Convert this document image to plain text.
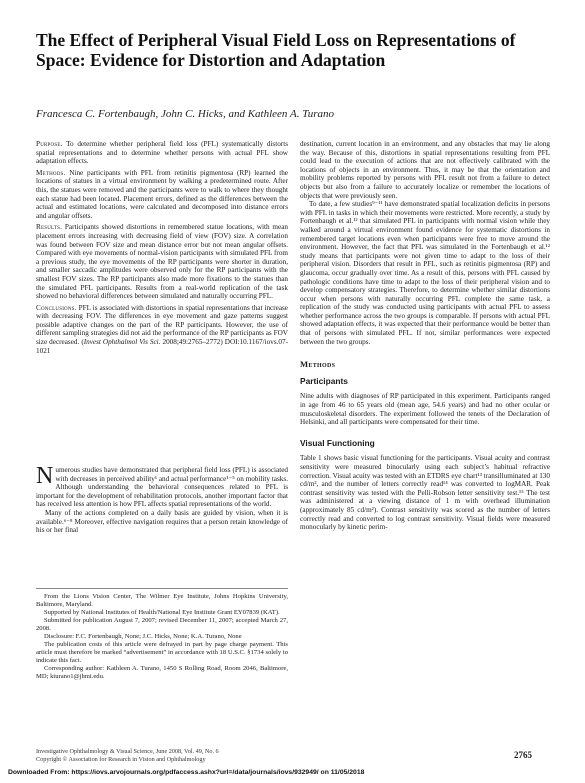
The Effect of Peripheral Visual Field Loss on Representations of Space: Evidence for Distortion and Adaptation
Francesca C. Fortenbaugh, John C. Hicks, and Kathleen A. Turano

Purpose. To determine whether peripheral field loss (PFL) systematically distorts spatial representations and to determine whether persons with actual PFL show adaptation effects.

Methods. Nine participants with PFL from retinitis pigmentosa (RP) learned the locations of statues in a virtual environment by walking a predetermined route. After this, the statues were removed and the participants were to walk to where they thought each statue had been located. Placement errors, defined as the differences between the actual and estimated locations, were calculated and decomposed into distance errors and angular offsets.

Results. Participants showed distortions in remembered statue locations, with mean placement errors increasing with decreasing field of view (FOV) size. A correlation was found between FOV size and mean distance error but not mean angular offsets. Compared with eye movements of normal-vision participants with simulated PFL from a previous study, the eye movements of the RP participants were shorter in duration, and smaller saccadic amplitudes were observed only for the RP participants with the smallest FOV sizes. The RP participants also made more fixations to the statues than the simulated PFL participants. Results from a real-world replication of the task showed no behavioral differences between simulated and naturally occurring PFL.

Conclusions. PFL is associated with distortions in spatial representations that increase with decreasing FOV. The differences in eye movement and gaze patterns suggest possible adaptive changes on the part of the RP participants. However, the use of different sampling strategies did not aid the performance of the RP participants as FOV size decreased. (Invest Ophthalmol Vis Sci. 2008;49:2765–2772) DOI:10.1167/iovs.07-1021

Numerous studies have demonstrated that peripheral field loss (PFL) is associated with decreases in perceived ability¹ and actual performance¹⁻⁵ on mobility tasks. Although understanding the behavioral consequences related to PFL is important for the development of rehabilitation protocols, another important factor that has received less attention is how PFL affects spatial representations of the world.

Many of the actions completed on a daily basis are guided by vision, when it is available.⁶⁻⁸ Moreover, effective navigation requires that a person retain knowledge of his or her final

From the Lions Vision Center, The Wilmer Eye Institute, Johns Hopkins University, Baltimore, Maryland.

Supported by National Institutes of Health/National Eye Institute Grant EY07839 (KAT).

Submitted for publication August 7, 2007; revised December 11, 2007; accepted March 27, 2008.

Disclosure: F.C. Fortenbaugh, None; J.C. Hicks, None; K.A. Turano, None

The publication costs of this article were defrayed in part by page charge payment. This article must therefore be marked “advertisement” in accordance with 18 U.S.C. §1734 solely to indicate this fact.

Corresponding author: Kathleen A. Turano, 1450 S Rolling Road, Room 2046, Baltimore, MD; kturano1@jhmi.edu.

destination, current location in an environment, and any obstacles that may lie along the way. Because of this, distortions in spatial representations resulting from PFL could lead to the execution of actions that are not effectively calibrated with the locations of objects in an environment. Thus, it may be that the orientation and mobility problems reported by persons with PFL result not from a failure to detect objects but also from a failure to accurately localize or remember the locations of objects that were previously seen.

To date, a few studies⁹⁻¹¹ have demonstrated spatial localization deficits in persons with PFL in tasks in which their movements were restricted. More recently, a study by Fortenbaugh et al.¹² that simulated PFL in participants with normal vision while they walked around a virtual environment found evidence for systematic distortions in remembered target locations even when participants were free to move around the environment. However, the fact that PFL was simulated in the Fortenbaugh et al.¹² study means that participants were not given time to adapt to the loss of their peripheral vision. Disorders that result in PFL, such as retinitis pigmentosa (RP) and glaucoma, occur gradually over time. As a result of this, persons with PFL caused by pathologic conditions have time to adapt to the loss of their peripheral vision and to develop compensatory strategies. Therefore, to determine whether similar distortions occur when persons with naturally occurring PFL complete the same task, a replication of the study was conducted using participants with actual PFL to assess whether performance across the two groups is comparable. If persons with actual PFL showed adaptation effects, it was expected that their performance would be better than that of persons with simulated PFL. If not, similar performances were expected between the two groups.

Methods
Participants

Nine adults with diagnoses of RP participated in this experiment. Participants ranged in age from 46 to 65 years old (mean age, 54.6 years) and had no other ocular or musculoskeletal disorders. The experiment followed the tenets of the Declaration of Helsinki, and all participants were compensated for their time.

Visual Functioning

Table 1 shows basic visual functioning for the participants. Visual acuity and contrast sensitivity were measured binocularly using each subject’s habitual refractive correction. Visual acuity was tested with an ETDRS eye chart¹³ transilluminated at 130 cd/m², and the number of letters correctly read¹⁴ was converted to logMAR. Peak contrast sensitivity was tested with the Pelli-Robson letter sensitivity test.¹⁵ The test was administered at a viewing distance of 1 m with overhead illumination (approximately 85 cd/m²). Contrast sensitivity was scored as the number of letters correctly read and converted to log contrast sensitivity. Visual fields were measured monocularly by kinetic perim-

Investigative Ophthalmology & Visual Science, June 2008, Vol. 49, No. 6
Copyright © Association for Research in Vision and Ophthalmology	2765
Downloaded From: https://iovs.arvojournals.org/pdfaccess.ashx?url=/data/journals/iovs/932949/ on 11/05/2018
